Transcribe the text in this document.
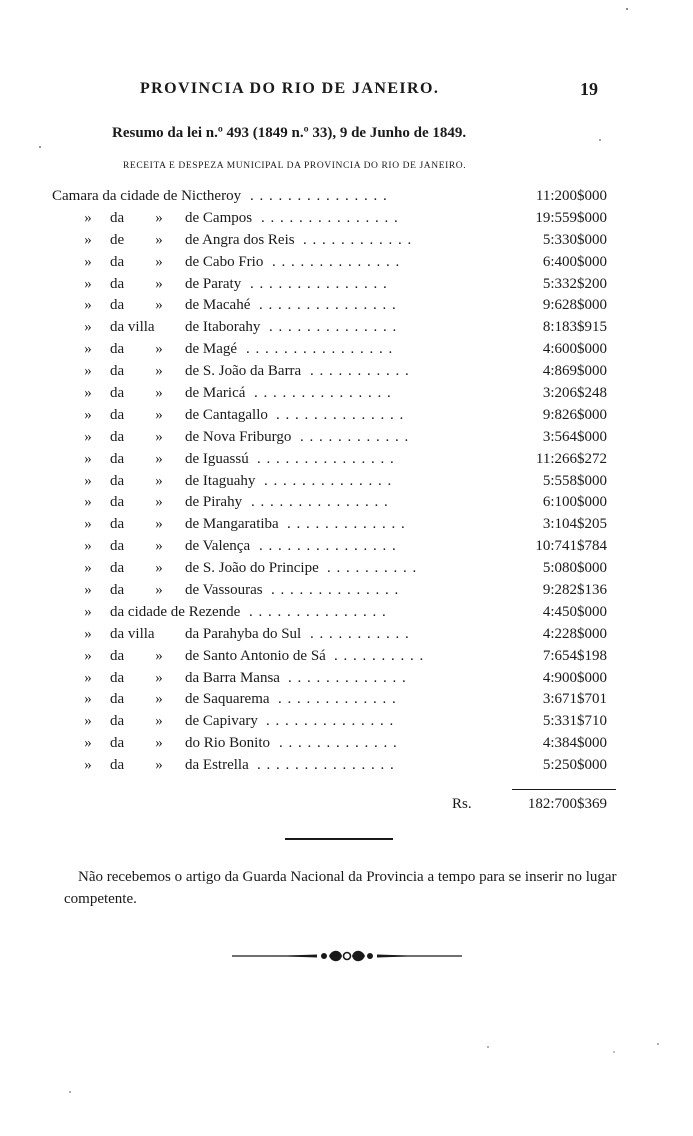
PROVINCIA DO RIO DE JANEIRO.	19
Resumo da lei n.º 493 (1849 n.º 33), 9 de Junho de 1849.
RECEITA E DESPEZA MUNICIPAL DA PROVINCIA DO RIO DE JANEIRO.
Camara da cidade de Nictheroy . . . . . . . . . . . . . . .	11:200$000
»	da	»	de Campos . . . . . . . . . . . . . . .	19:559$000
»	de	»	de Angra dos Reis . . . . . . . . . . . .	5:330$000
»	da	»	de Cabo Frio . . . . . . . . . . . . . .	6:400$000
»	da	»	de Paraty . . . . . . . . . . . . . . .	5:332$200
»	da	»	de Macahé . . . . . . . . . . . . . . .	9:628$000
»	da villa de Itaborahy . . . . . . . . . . . . . .	8:183$915
»	da	»	de Magé . . . . . . . . . . . . . . . .	4:600$000
»	da	»	de S. João da Barra . . . . . . . . . . .	4:869$000
»	da	»	de Maricá . . . . . . . . . . . . . . .	3:206$248
»	da	»	de Cantagallo . . . . . . . . . . . . . .	9:826$000
»	da	»	de Nova Friburgo . . . . . . . . . . . .	3:564$000
»	da	»	de Iguassú . . . . . . . . . . . . . . .	11:266$272
»	da	»	de Itaguahy . . . . . . . . . . . . . .	5:558$000
»	da	»	de Pirahy . . . . . . . . . . . . . . .	6:100$000
»	da	»	de Mangaratiba . . . . . . . . . . . . .	3:104$205
»	da	»	de Valença . . . . . . . . . . . . . . .	10:741$784
»	da	»	de S. João do Principe . . . . . . . . . .	5:080$000
»	da	»	de Vassouras . . . . . . . . . . . . . .	9:282$136
»	da cidade de Rezende . . . . . . . . . . . . . . .	4:450$000
»	da villa da Parahyba do Sul . . . . . . . . . . .	4:228$000
»	da	»	de Santo Antonio de Sá . . . . . . . . . .	7:654$198
»	da	»	da Barra Mansa . . . . . . . . . . . . .	4:900$000
»	da	»	de Saquarema . . . . . . . . . . . . .	3:671$701
»	da	»	de Capivary . . . . . . . . . . . . . .	5:331$710
»	da	»	do Rio Bonito . . . . . . . . . . . . .	4:384$000
»	da	»	da Estrella . . . . . . . . . . . . . . .	5:250$000
Rs.	182:700$369
Não recebemos o artigo da Guarda Nacional da Provincia a tempo para se inserir no lugar competente.
